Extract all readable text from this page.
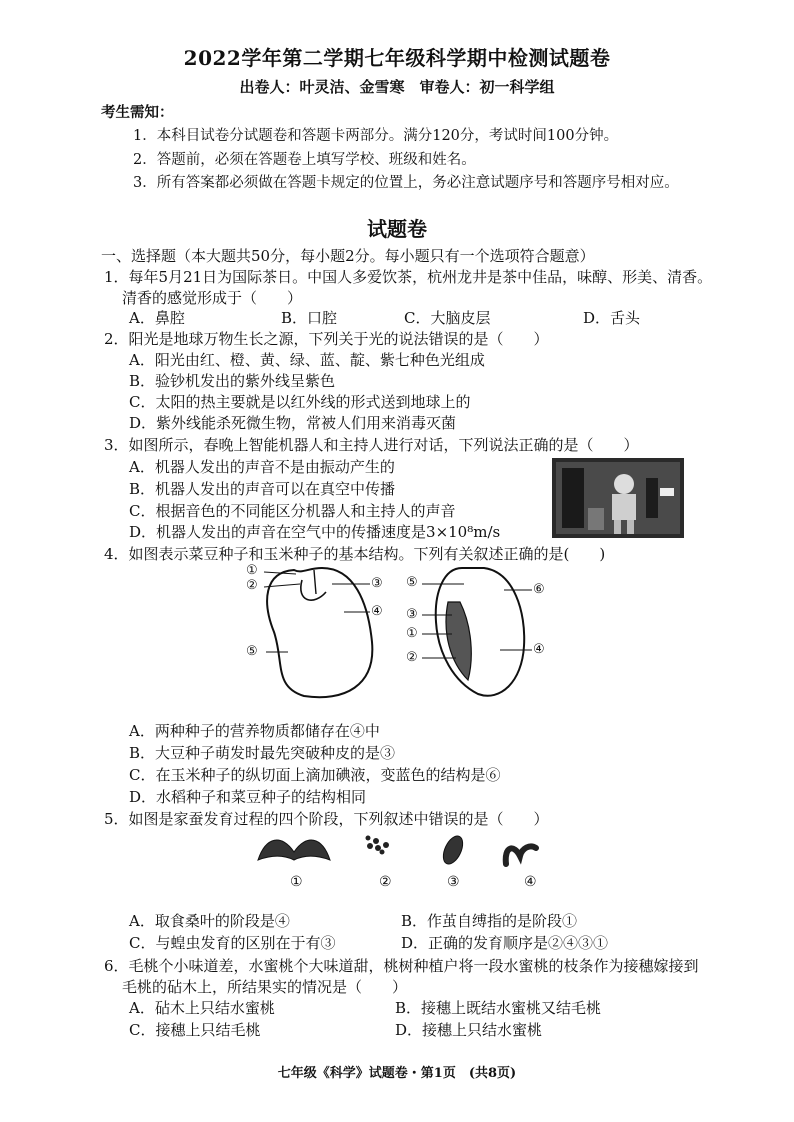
2022学年第二学期七年级科学期中检测试题卷
出卷人：叶灵洁、金雪寒　审卷人：初一科学组
考生需知：
1．本科目试卷分试题卷和答题卡两部分。满分120分，考试时间100分钟。
2．答题前，必须在答题卷上填写学校、班级和姓名。
3．所有答案都必须做在答题卡规定的位置上，务必注意试题序号和答题序号相对应。
试题卷
一、选择题（本大题共50分，每小题2分。每小题只有一个选项符合题意）
1．每年5月21日为国际茶日。中国人多爱饮茶，杭州龙井是茶中佳品，味醇、形美、清香。
清香的感觉形成于（　　）
A．鼻腔	B．口腔	C．大脑皮层	D．舌头
2．阳光是地球万物生长之源，下列关于光的说法错误的是（　　）
A．阳光由红、橙、黄、绿、蓝、靛、紫七种色光组成
B．验钞机发出的紫外线呈紫色
C．太阳的热主要就是以红外线的形式送到地球上的
D．紫外线能杀死微生物，常被人们用来消毒灭菌
3．如图所示，春晚上智能机器人和主持人进行对话，下列说法正确的是（　　）
A．机器人发出的声音不是由振动产生的
B．机器人发出的声音可以在真空中传播
C．根据音色的不同能区分机器人和主持人的声音
D．机器人发出的声音在空气中的传播速度是3×10⁸m/s
4．如图表示菜豆种子和玉米种子的基本结构。下列有关叙述正确的是(　　)
①
②	③
④
⑤
⑤	⑥
③
①
②
④
A．两种种子的营养物质都储存在④中
B．大豆种子萌发时最先突破种皮的是③
C．在玉米种子的纵切面上滴加碘液，变蓝色的结构是⑥
D．水稻种子和菜豆种子的结构相同
5．如图是家蚕发育过程的四个阶段，下列叙述中错误的是（　　）
①	②	③	④
A．取食桑叶的阶段是④	B．作茧自缚指的是阶段①
C．与蝗虫发育的区别在于有③	D．正确的发育顺序是②④③①
6．毛桃个小味道差，水蜜桃个大味道甜，桃树种植户将一段水蜜桃的枝条作为接穗嫁接到
毛桃的砧木上，所结果实的情况是（　　）
A．砧木上只结水蜜桃	B．接穗上既结水蜜桃又结毛桃
C．接穗上只结毛桃	D．接穗上只结水蜜桃
七年级《科学》试题卷・第1页　(共8页)
